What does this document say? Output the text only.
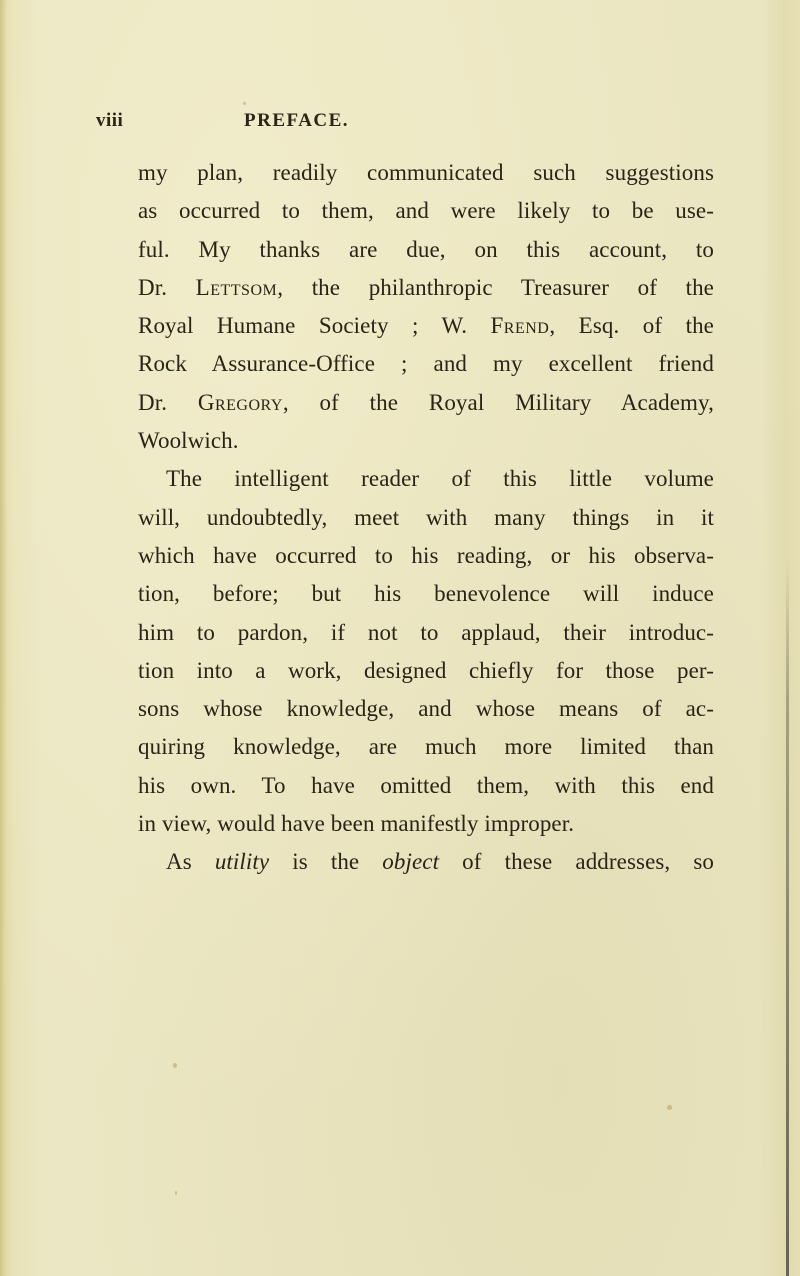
viii	PREFACE.
my plan, readily communicated such suggestions
as occurred to them, and were likely to be use-
ful. My thanks are due, on this account, to
Dr. Lettsom, the philanthropic Treasurer of the
Royal Humane Society ; W. Frend, Esq. of the
Rock Assurance-Office ; and my excellent friend
Dr. Gregory, of the Royal Military Academy,
Woolwich.
The intelligent reader of this little volume
will, undoubtedly, meet with many things in it
which have occurred to his reading, or his observa-
tion, before; but his benevolence will induce
him to pardon, if not to applaud, their introduc-
tion into a work, designed chiefly for those per-
sons whose knowledge, and whose means of ac-
quiring knowledge, are much more limited than
his own. To have omitted them, with this end
in view, would have been manifestly improper.
As utility is the object of these addresses, so
